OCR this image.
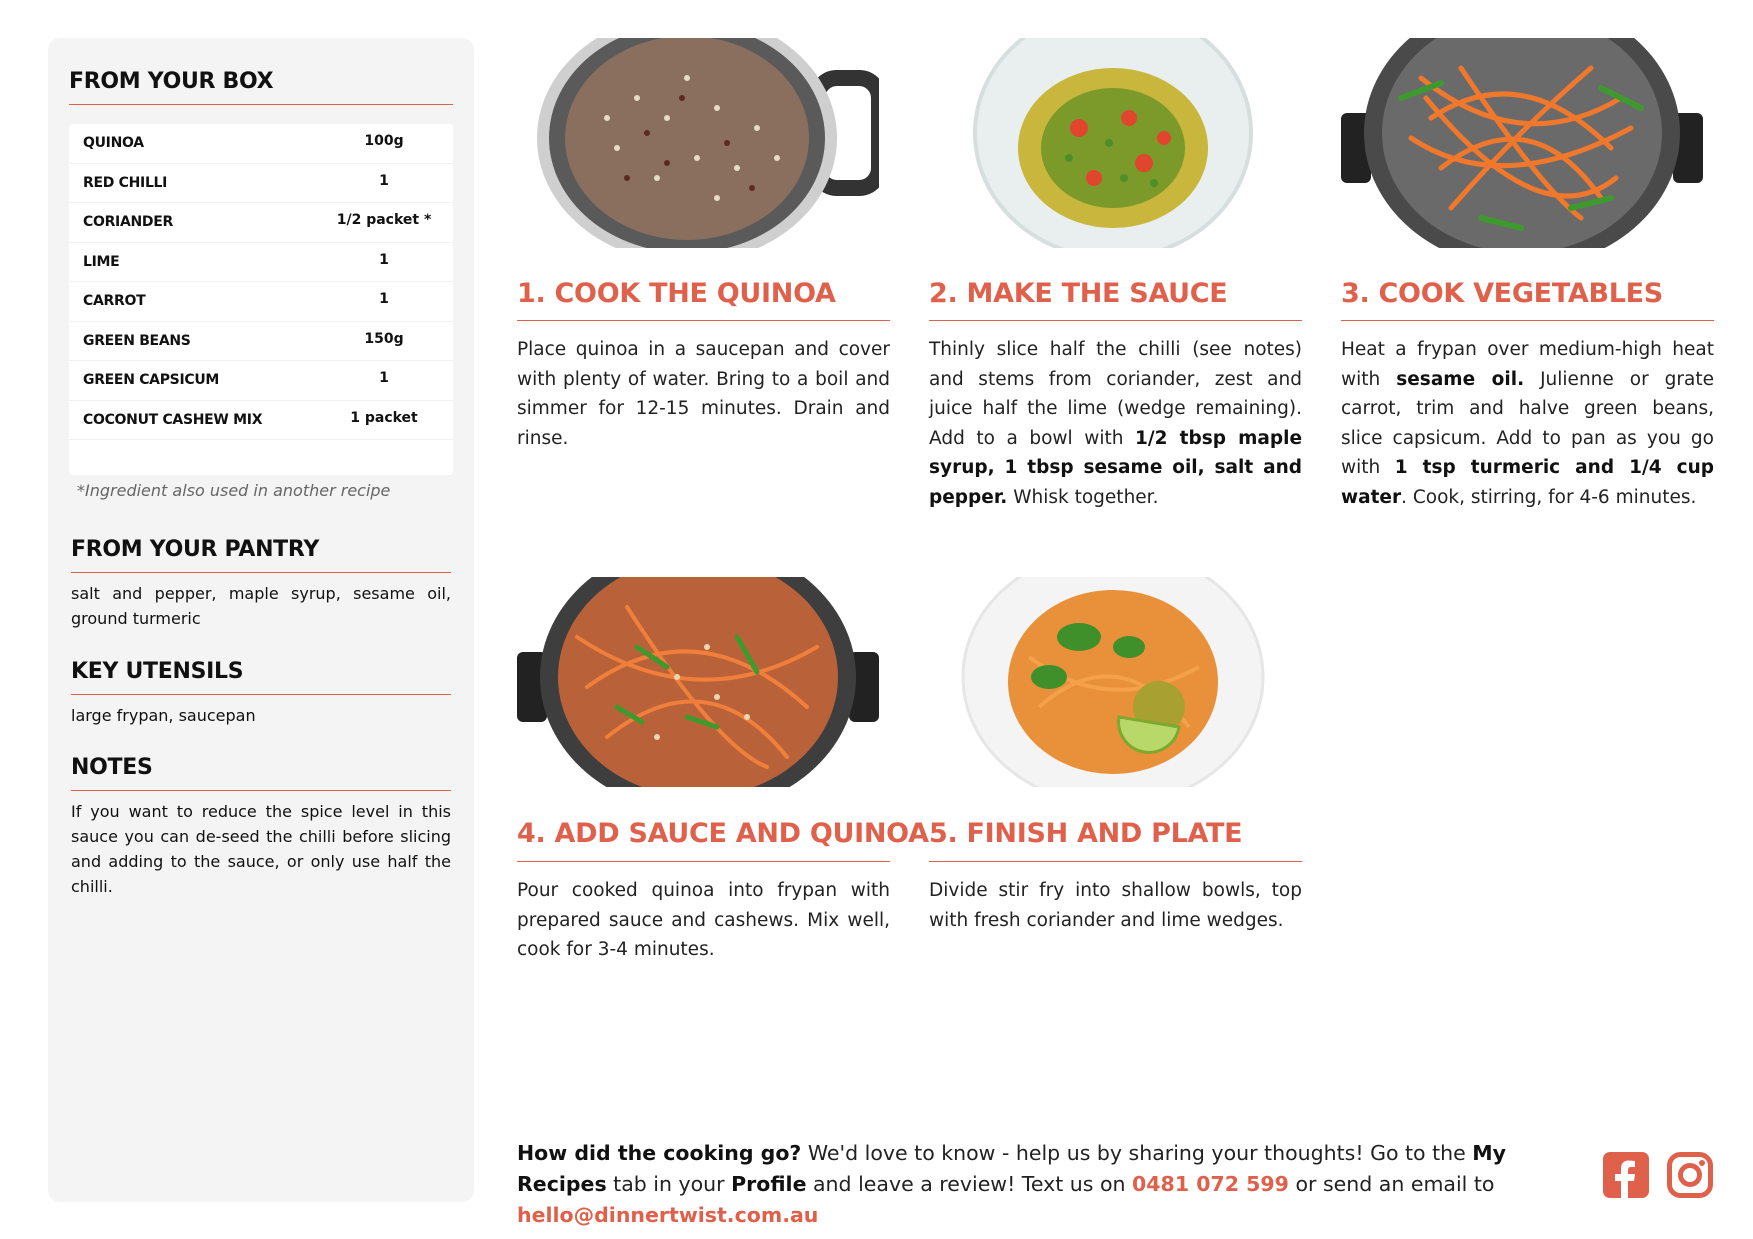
FROM YOUR BOX
QUINOA	100g
RED CHILLI	1
CORIANDER	1/2 packet *
LIME	1
CARROT	1
GREEN BEANS	150g
GREEN CAPSICUM	1
COCONUT CASHEW MIX	1 packet
*Ingredient also used in another recipe
FROM YOUR PANTRY
salt and pepper, maple syrup, sesame oil, ground turmeric
KEY UTENSILS
large frypan, saucepan
NOTES
If you want to reduce the spice level in this sauce you can de-seed the chilli before slicing and adding to the sauce, or only use half the chilli.
1. COOK THE QUINOA
Place quinoa in a saucepan and cover with plenty of water. Bring to a boil and simmer for 12-15 minutes. Drain and rinse.
2. MAKE THE SAUCE
Thinly slice half the chilli (see notes) and stems from coriander, zest and juice half the lime (wedge remaining). Add to a bowl with 1/2 tbsp maple syrup, 1 tbsp sesame oil, salt and pepper. Whisk together.
3. COOK VEGETABLES
Heat a frypan over medium-high heat with sesame oil. Julienne or grate carrot, trim and halve green beans, slice capsicum. Add to pan as you go with 1 tsp turmeric and 1/4 cup water. Cook, stirring, for 4-6 minutes.
4. ADD SAUCE AND QUINOA
Pour cooked quinoa into frypan with prepared sauce and cashews. Mix well, cook for 3-4 minutes.
5. FINISH AND PLATE
Divide stir fry into shallow bowls, top with fresh coriander and lime wedges.
How did the cooking go? We'd love to know - help us by sharing your thoughts! Go to the My Recipes tab in your Profile and leave a review! Text us on 0481 072 599 or send an email to hello@dinnertwist.com.au
